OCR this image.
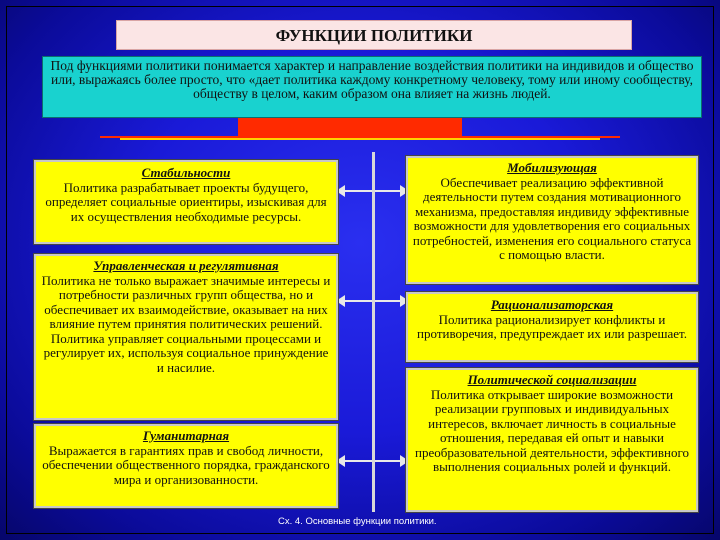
ФУНКЦИИ ПОЛИТИКИ
Под функциями политики понимается характер и направление воздействия политики на индивидов и общество или, выражаясь более просто, что «дает политика каждому конкретному человеку, тому или иному сообществу, обществу в целом, каким образом она влияет на жизнь людей.
Стабильности
Политика разрабатывает проекты будущего, определяет социальные ориентиры, изыскивая для их осуществления необходимые ресурсы.
Управленческая и регулятивная
Политика не только выражает значимые интересы и потребности различных групп общества, но и обеспечивает их взаимодействие, оказывает на них влияние путем принятия политических решений. Политика управляет социальными процессами и регулирует их, используя социальное принуждение и насилие.
Гуманитарная
Выражается в гарантиях прав и свобод личности, обеспечении общественного порядка, гражданского мира и организованности.
Мобилизующая
Обеспечивает реализацию эффективной деятельности путем создания мотивационного механизма, предоставляя индивиду эффективные возможности для удовлетворения его социальных потребностей, изменения его социального статуса с помощью власти.
Рационализаторская
Политика рационализирует конфликты и противоречия, предупреждает их или разрешает.
Политической социализации
Политика открывает широкие возможности реализации групповых и индивидуальных интересов, включает личность в социальные отношения, передавая ей опыт и навыки преобразовательной деятельности, эффективного выполнения социальных ролей и функций.
Сх. 4. Основные функции политики.
